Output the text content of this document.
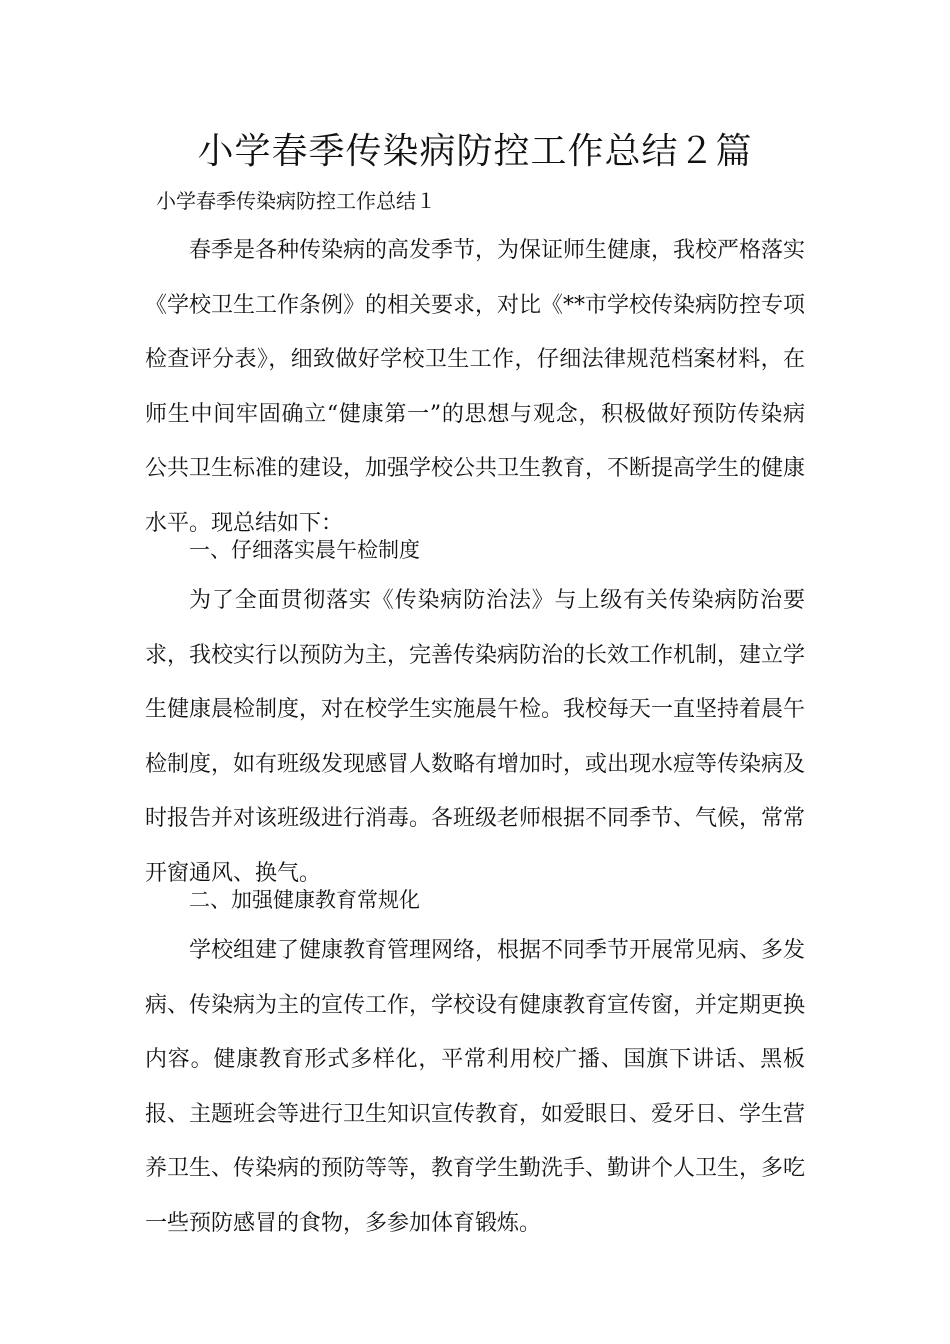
小学春季传染病防控工作总结２篇

小学春季传染病防控工作总结１

春季是各种传染病的高发季节，为保证师生健康，我校严格落实《学校卫生工作条例》的相关要求，对比《**市学校传染病防控专项检查评分表》，细致做好学校卫生工作，仔细法律规范档案材料，在师生中间牢固确立“健康第一”的思想与观念，积极做好预防传染病公共卫生标准的建设，加强学校公共卫生教育，不断提高学生的健康水平。现总结如下：

一、仔细落实晨午检制度

为了全面贯彻落实《传染病防治法》与上级有关传染病防治要求，我校实行以预防为主，完善传染病防治的长效工作机制，建立学生健康晨检制度，对在校学生实施晨午检。我校每天一直坚持着晨午检制度，如有班级发现感冒人数略有增加时，或出现水痘等传染病及时报告并对该班级进行消毒。各班级老师根据不同季节、气候，常常开窗通风、换气。

二、加强健康教育常规化

学校组建了健康教育管理网络，根据不同季节开展常见病、多发病、传染病为主的宣传工作，学校设有健康教育宣传窗，并定期更换内容。健康教育形式多样化，平常利用校广播、国旗下讲话、黑板报、主题班会等进行卫生知识宣传教育，如爱眼日、爱牙日、学生营养卫生、传染病的预防等等，教育学生勤洗手、勤讲个人卫生，多吃一些预防感冒的食物，多参加体育锻炼。
